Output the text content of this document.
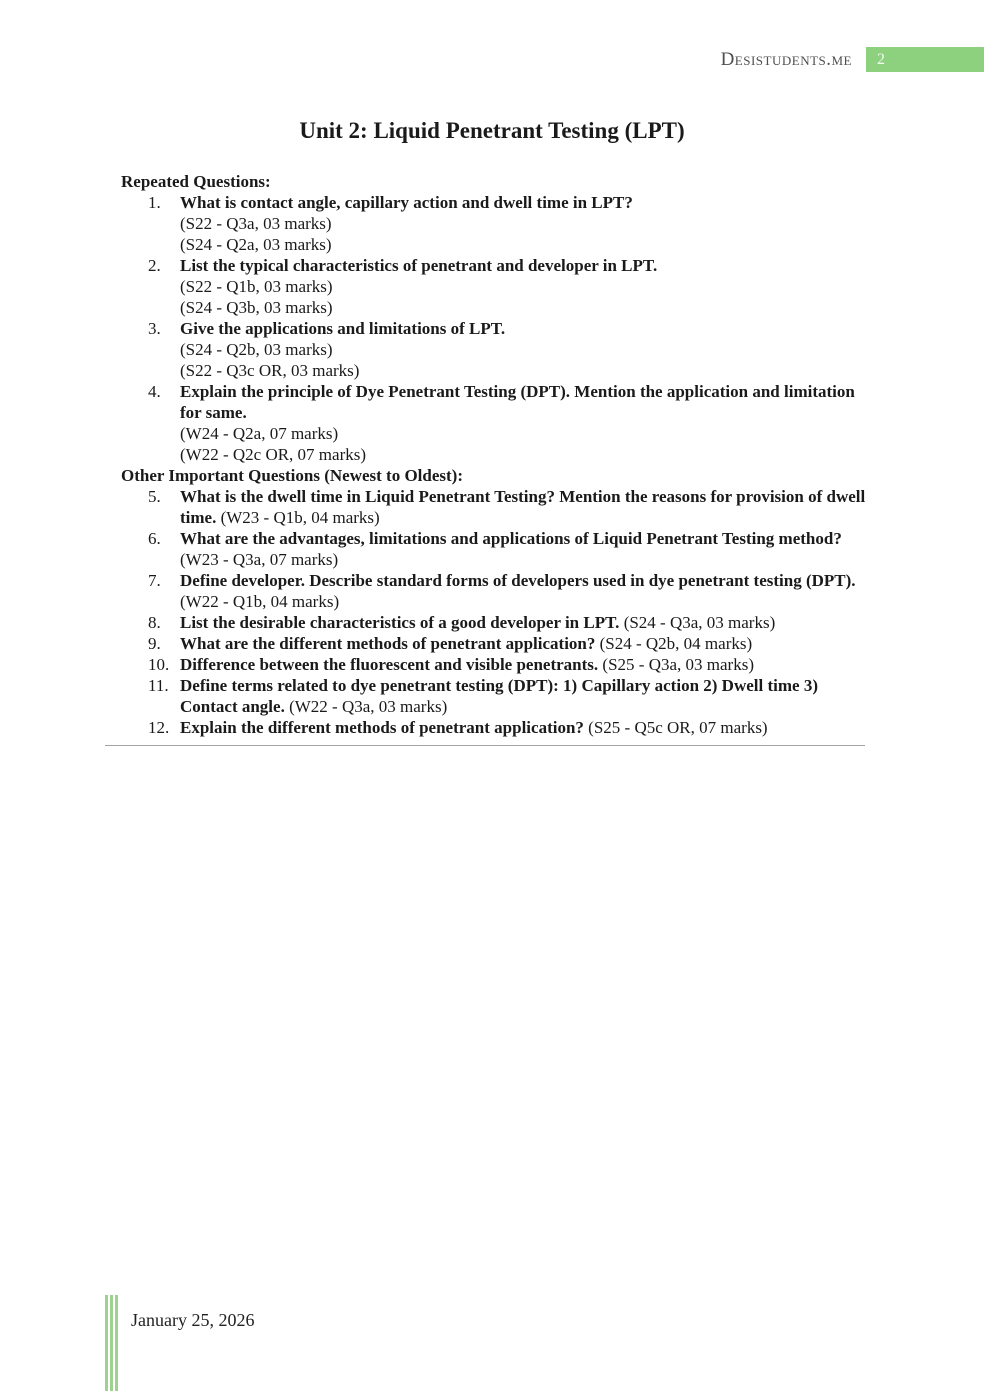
Desistudents.me	2
Unit 2: Liquid Penetrant Testing (LPT)
Repeated Questions:
1.	What is contact angle, capillary action and dwell time in LPT?
(S22 - Q3a, 03 marks)
(S24 - Q2a, 03 marks)
2.	List the typical characteristics of penetrant and developer in LPT.
(S22 - Q1b, 03 marks)
(S24 - Q3b, 03 marks)
3.	Give the applications and limitations of LPT.
(S24 - Q2b, 03 marks)
(S22 - Q3c OR, 03 marks)
4.	Explain the principle of Dye Penetrant Testing (DPT). Mention the application and limitation for same.
(W24 - Q2a, 07 marks)
(W22 - Q2c OR, 07 marks)
Other Important Questions (Newest to Oldest):
5.	What is the dwell time in Liquid Penetrant Testing? Mention the reasons for provision of dwell time. (W23 - Q1b, 04 marks)
6.	What are the advantages, limitations and applications of Liquid Penetrant Testing method? (W23 - Q3a, 07 marks)
7.	Define developer. Describe standard forms of developers used in dye penetrant testing (DPT). (W22 - Q1b, 04 marks)
8.	List the desirable characteristics of a good developer in LPT. (S24 - Q3a, 03 marks)
9.	What are the different methods of penetrant application? (S24 - Q2b, 04 marks)
10. Difference between the fluorescent and visible penetrants. (S25 - Q3a, 03 marks)
11. Define terms related to dye penetrant testing (DPT): 1) Capillary action 2) Dwell time 3) Contact angle. (W22 - Q3a, 03 marks)
12. Explain the different methods of penetrant application? (S25 - Q5c OR, 07 marks)
January 25, 2026
